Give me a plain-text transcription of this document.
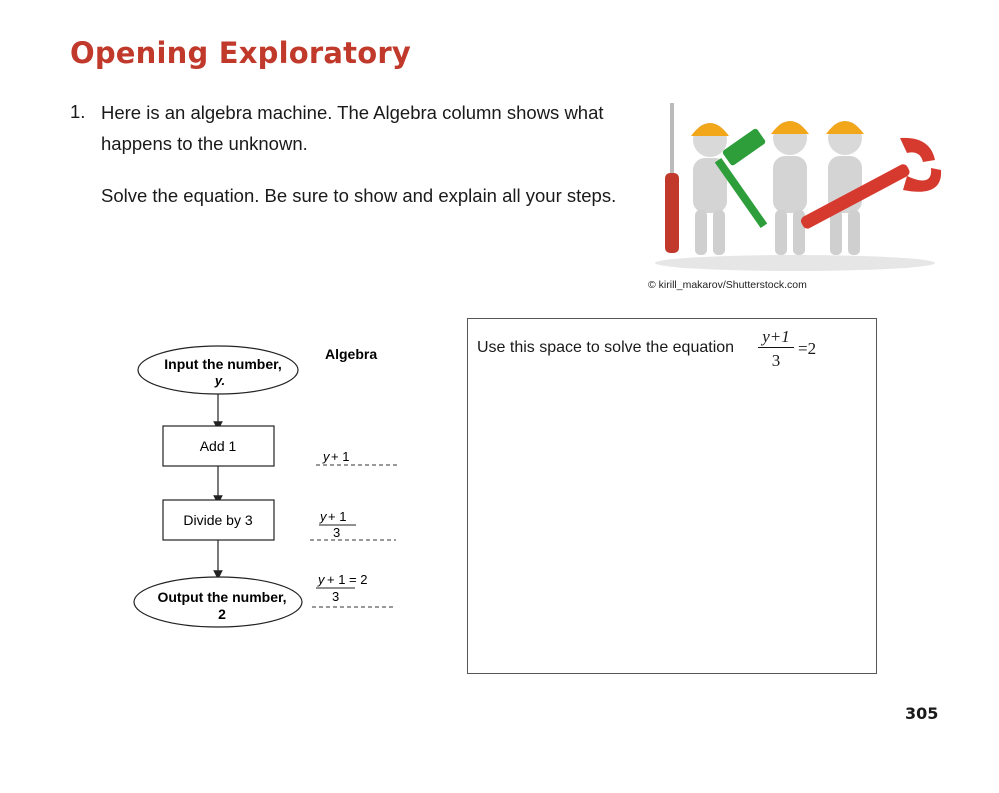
Opening Exploratory
1. Here is an algebra machine. The Algebra column shows what happens to the unknown.
Solve the equation. Be sure to show and explain all your steps.
© kirill_makarov/Shutterstock.com
Input the number,
y.
Algebra
Add 1
y + 1
Divide by 3	y + 1
3
Output the number,
2
y + 1 = 2
3
Use this space to solve the equation
y+1
3
=2
305
